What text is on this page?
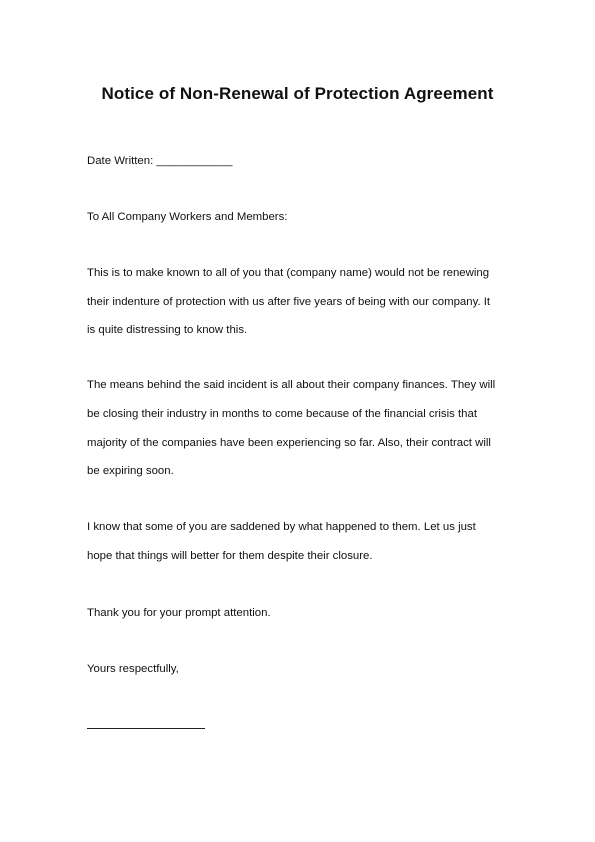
Notice of Non-Renewal of Protection Agreement
Date Written: ____________
To All Company Workers and Members:
This is to make known to all of you that (company name) would not be renewing
their indenture of protection with us after five years of being with our company. It
is quite distressing to know this.
The means behind the said incident is all about their company finances. They will
be closing their industry in months to come because of the financial crisis that
majority of the companies have been experiencing so far. Also, their contract will
be expiring soon.
I know that some of you are saddened by what happened to them. Let us just
hope that things will better for them despite their closure.
Thank you for your prompt attention.
Yours respectfully,
